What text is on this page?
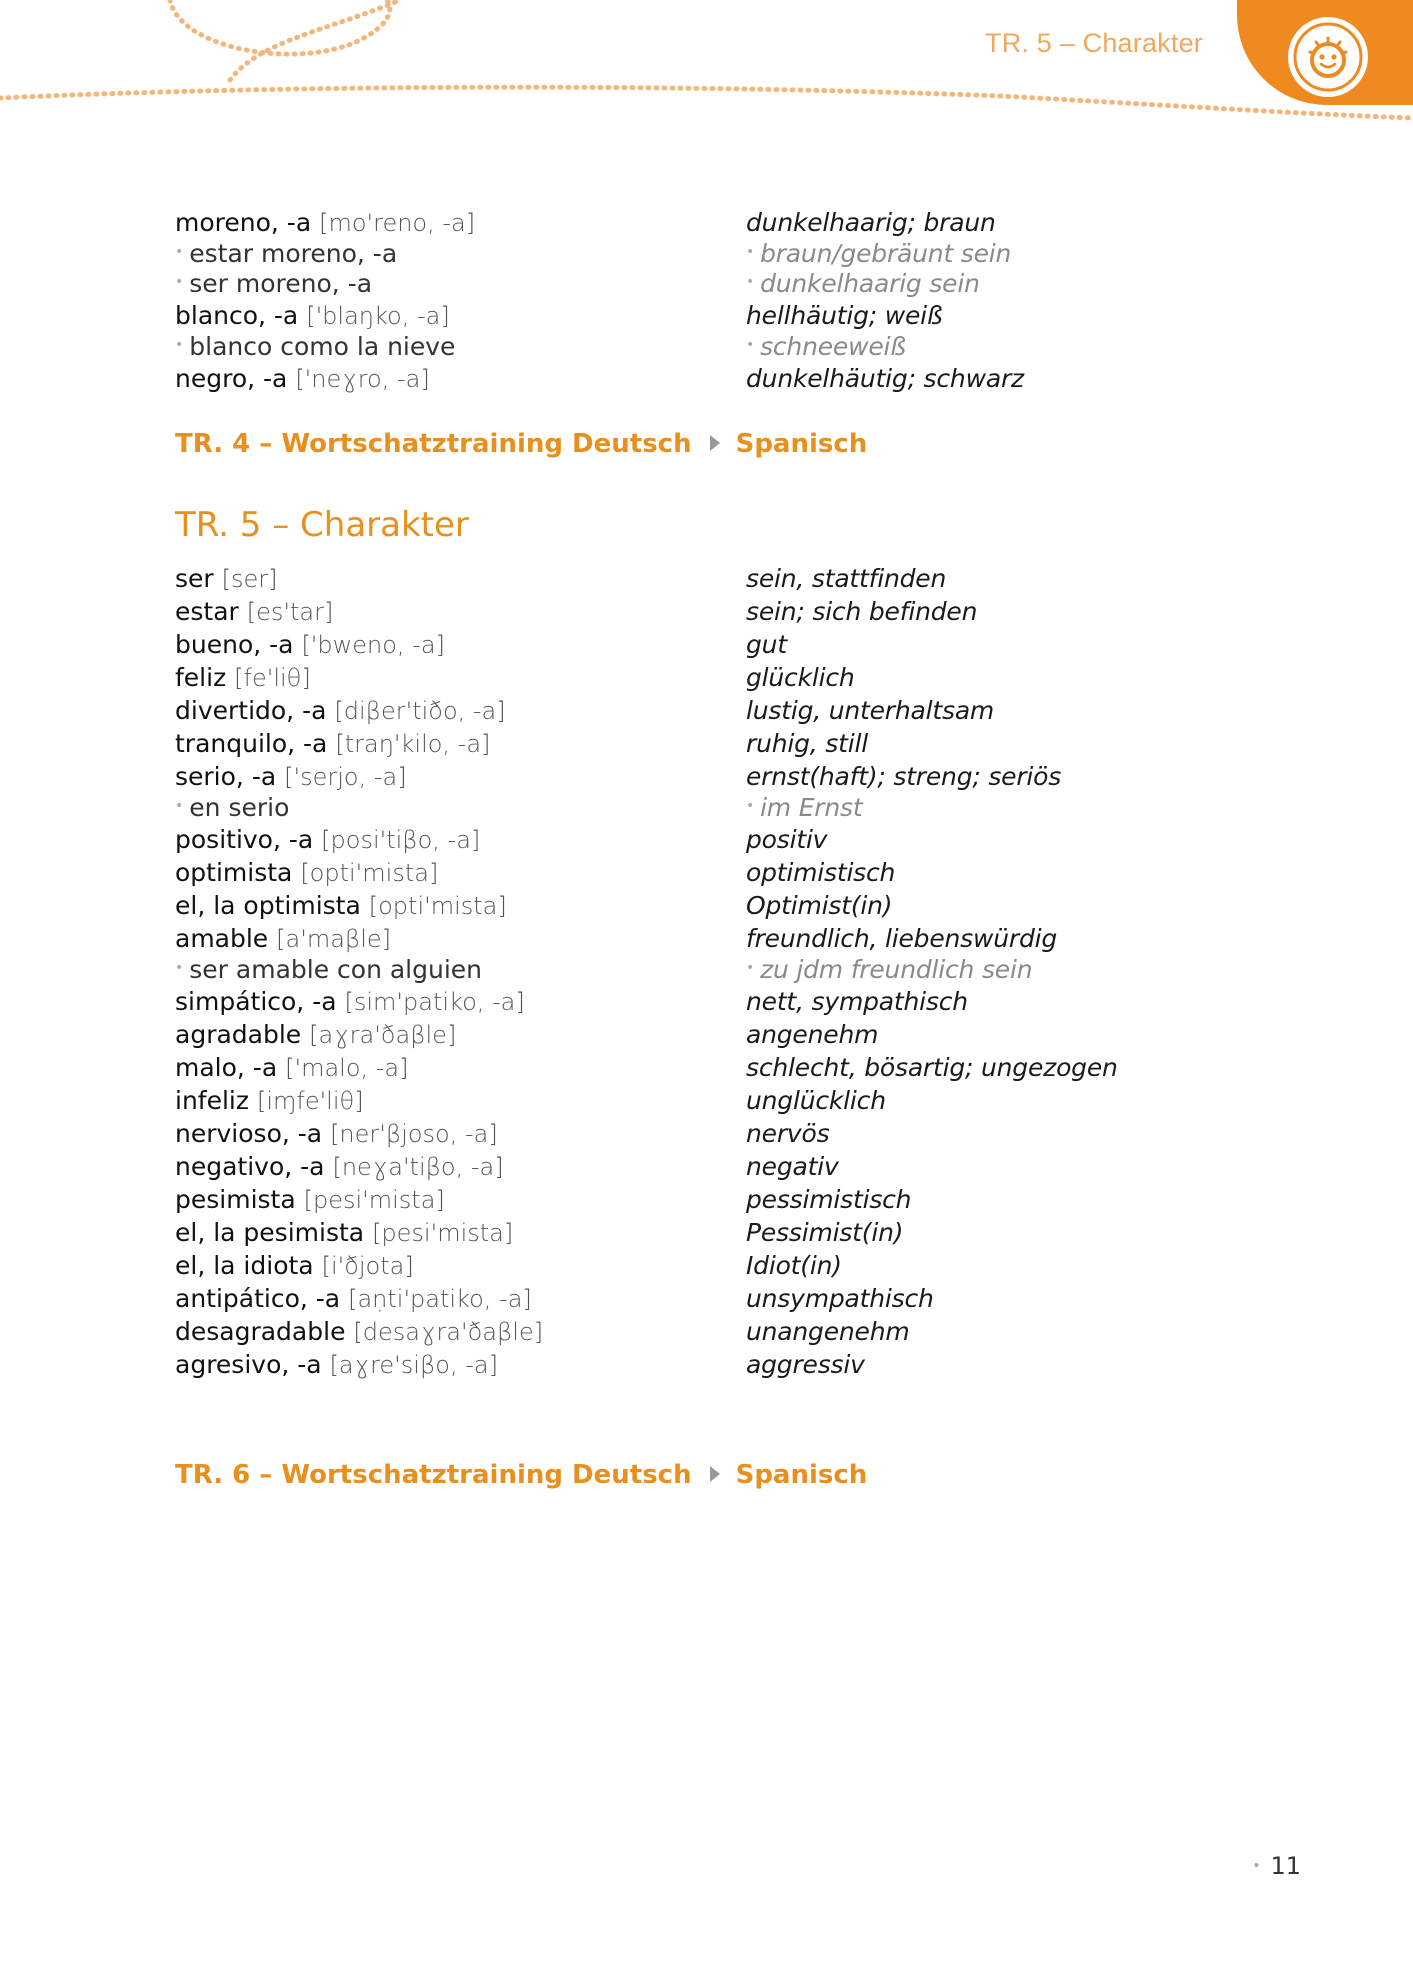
TR. 5 – Charakter
moreno, -a [mo'reno, -a]	dunkelhaarig; braun
• estar moreno, -a	• braun/gebräunt sein
• ser moreno, -a	• dunkelhaarig sein
blanco, -a ['blaŋko, -a]	hellhäutig; weiß
• blanco como la nieve	• schneeweiß
negro, -a ['neɣro, -a]	dunkelhäutig; schwarz
TR. 4 – Wortschatztraining Deutsch Spanisch
TR. 5 – Charakter
ser [ser]	sein, stattfinden
estar [es'tar]	sein; sich befinden
bueno, -a ['bweno, -a]	gut
feliz [fe'liθ]	glücklich
divertido, -a [diβer'tiðo, -a]	lustig, unterhaltsam
tranquilo, -a [traŋ'kilo, -a]	ruhig, still
serio, -a ['serjo, -a]	ernst(haft); streng; seriös
• en serio	• im Ernst
positivo, -a [posi'tiβo, -a]	positiv
optimista [opti'mista]	optimistisch
el, la optimista [opti'mista]	Optimist(in)
amable [a'maβle]	freundlich, liebenswürdig
• ser amable con alguien	• zu jdm freundlich sein
simpático, -a [sim'patiko, -a]	nett, sympathisch
agradable [aɣra'ðaβle]	angenehm
malo, -a ['malo, -a]	schlecht, bösartig; ungezogen
infeliz [iɱfe'liθ]	unglücklich
nervioso, -a [ner'βjoso, -a]	nervös
negativo, -a [neɣa'tiβo, -a]	negativ
pesimista [pesi'mista]	pessimistisch
el, la pesimista [pesi'mista]	Pessimist(in)
el, la idiota [i'ðjota]	Idiot(in)
antipático, -a [aṇti'patiko, -a]	unsympathisch
desagradable [desaɣra'ðaβle]	unangenehm
agresivo, -a [aɣre'siβo, -a]	aggressiv
TR. 6 – Wortschatztraining Deutsch Spanisch
• 11
